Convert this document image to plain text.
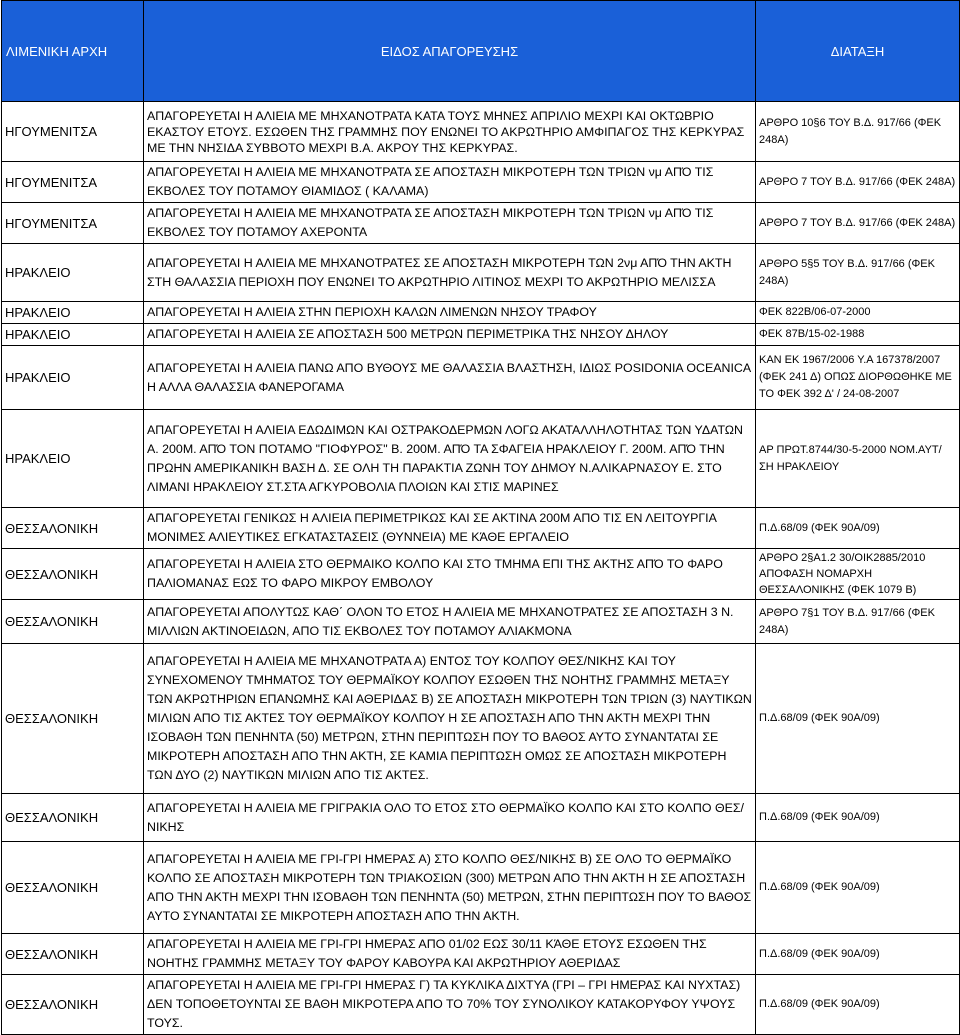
ΛΙΜΕΝΙΚΗ ΑΡΧΗ	ΕΙΔΟΣ ΑΠΑΓΟΡΕΥΣΗΣ	ΔΙΑΤΑΞΗ
ΗΓΟΥΜΕΝΙΤΣΑ	ΑΠΑΓΟΡΕΥΕΤΑΙ Η ΑΛΙΕΙΑ ΜΕ ΜΗΧΑΝΟΤΡΑΤΑ ΚΑΤΑ ΤΟΥΣ ΜΗΝΕΣ ΑΠΡΙΛΙΟ ΜΕΧΡΙ ΚΑΙ ΟΚΤΩΒΡΙΟ ΕΚΑΣΤΟΥ ΕΤΟΥΣ. ΕΣΩΘΕΝ ΤΗΣ ΓΡΑΜΜΗΣ ΠΟΥ ΕΝΩΝΕΙ ΤΟ ΑΚΡΩΤΗΡΙΟ ΑΜΦΙΠΑΓΟΣ ΤΗΣ ΚΕΡΚΥΡΑΣ ΜΕ ΤΗΝ ΝΗΣΙΔΑ ΣΥΒΒΟΤΟ ΜΕΧΡΙ Β.Α. ΑΚΡΟΥ ΤΗΣ ΚΕΡΚΥΡΑΣ.	ΑΡΘΡΟ 10§6 ΤΟΥ Β.Δ. 917/66 (ΦΕΚ 248Α)
ΗΓΟΥΜΕΝΙΤΣΑ	ΑΠΑΓΟΡΕΥΕΤΑΙ Η ΑΛΙΕΙΑ ΜΕ ΜΗΧΑΝΟΤΡΑΤΑ ΣΕ ΑΠΟΣΤΑΣΗ ΜΙΚΡΟΤΕΡΗ ΤΩΝ ΤΡΙΩΝ νμ ΑΠΌ ΤΙΣ ΕΚΒΟΛΕΣ ΤΟΥ ΠΟΤΑΜΟΥ ΘΙΑΜΙΔΟΣ ( ΚΑΛΑΜΑ)	ΑΡΘΡΟ 7 ΤΟΥ Β.Δ. 917/66 (ΦΕΚ 248Α)
ΗΓΟΥΜΕΝΙΤΣΑ	ΑΠΑΓΟΡΕΥΕΤΑΙ Η ΑΛΙΕΙΑ ΜΕ ΜΗΧΑΝΟΤΡΑΤΑ ΣΕ ΑΠΟΣΤΑΣΗ ΜΙΚΡΟΤΕΡΗ ΤΩΝ ΤΡΙΩΝ νμ ΑΠΌ ΤΙΣ ΕΚΒΟΛΕΣ ΤΟΥ ΠΟΤΑΜΟΥ ΑΧΕΡΟΝΤΑ	ΑΡΘΡΟ 7 ΤΟΥ Β.Δ. 917/66 (ΦΕΚ 248Α)
ΗΡΑΚΛΕΙΟ	ΑΠΑΓΟΡΕΥΕΤΑΙ Η ΑΛΙΕΙΑ ΜΕ ΜΗΧΑΝΟΤΡΑΤΕΣ ΣΕ ΑΠΟΣΤΑΣΗ ΜΙΚΡΟΤΕΡΗ ΤΩΝ 2νμ ΑΠΌ ΤΗΝ ΑΚΤΗ ΣΤΗ ΘΑΛΑΣΣΙΑ ΠΕΡΙΟΧΗ ΠΟΥ ΕΝΩΝΕΙ ΤΟ ΑΚΡΩΤΗΡΙΟ ΛΙΤΙΝΟΣ ΜΕΧΡΙ ΤΟ ΑΚΡΩΤΗΡΙΟ ΜΕΛΙΣΣΑ	ΑΡΘΡΟ 5§5 ΤΟΥ Β.Δ. 917/66 (ΦΕΚ 248Α)
ΗΡΑΚΛΕΙΟ	ΑΠΑΓΟΡΕΥΕΤΑΙ Η ΑΛΙΕΙΑ ΣΤΗΝ ΠΕΡΙΟΧΗ ΚΑΛΩΝ ΛΙΜΕΝΩΝ ΝΗΣΟΥ ΤΡΑΦΟΥ	ΦΕΚ 822Β/06-07-2000
ΗΡΑΚΛΕΙΟ	ΑΠΑΓΟΡΕΥΕΤΑΙ Η ΑΛΙΕΙΑ ΣΕ ΑΠΟΣΤΑΣΗ 500 ΜΕΤΡΩΝ ΠΕΡΙΜΕΤΡΙΚΑ ΤΗΣ ΝΗΣΟΥ ΔΗΛΟΥ	ΦΕΚ 87Β/15-02-1988
ΗΡΑΚΛΕΙΟ	ΑΠΑΓΟΡΕΥΕΤΑΙ Η ΑΛΙΕΙΑ ΠΑΝΩ ΑΠΟ ΒΥΘΟΥΣ ΜΕ ΘΑΛΑΣΣΙΑ ΒΛΑΣΤΗΣΗ, ΙΔΙΩΣ POSIDONIA OCEANICA Η ΑΛΛΑ ΘΑΛΑΣΣΙΑ ΦΑΝΕΡΟΓΑΜΑ	ΚΑΝ ΕΚ 1967/2006 Υ.Α 167378/2007 (ΦΕΚ 241 Δ) ΟΠΩΣ ΔΙΟΡΘΩΘΗΚΕ ΜΕ ΤΟ ΦΕΚ 392 Δ' / 24-08-2007
ΗΡΑΚΛΕΙΟ	ΑΠΑΓΟΡΕΥΕΤΑΙ Η ΑΛΙΕΙΑ ΕΔΩΔΙΜΩΝ ΚΑΙ ΟΣΤΡΑΚΟΔΕΡΜΩΝ ΛΟΓΩ ΑΚΑΤΑΛΛΗΛΟΤΗΤΑΣ ΤΩΝ ΥΔΑΤΩΝ Α. 200Μ. ΑΠΌ ΤΟΝ ΠΟΤΑΜΟ "ΓΙΟΦΥΡΟΣ" Β. 200Μ. ΑΠΌ ΤΑ ΣΦΑΓΕΙΑ ΗΡΑΚΛΕΙΟΥ Γ. 200Μ. ΑΠΌ ΤΗΝ ΠΡΩΗΝ ΑΜΕΡΙΚΑΝΙΚΗ ΒΑΣΗ Δ. ΣΕ ΟΛΗ ΤΗ ΠΑΡΑΚΤΙΑ ΖΩΝΗ ΤΟΥ ΔΗΜΟΥ Ν.ΑΛΙΚΑΡΝΑΣΟΥ Ε. ΣΤΟ ΛΙΜΑΝΙ ΗΡΑΚΛΕΙΟΥ ΣΤ.ΣΤΑ ΑΓΚΥΡΟΒΟΛΙΑ ΠΛΟΙΩΝ ΚΑΙ ΣΤΙΣ ΜΑΡΙΝΕΣ	ΑΡ ΠΡΩΤ.8744/30-5-2000 ΝΟΜ.ΑΥΤ/ΣΗ ΗΡΑΚΛΕΙΟΥ
ΘΕΣΣΑΛΟΝΙΚΗ	ΑΠΑΓΟΡΕΥΕΤΑΙ ΓΕΝΙΚΩΣ Η ΑΛΙΕΙΑ ΠΕΡΙΜΕΤΡΙΚΩΣ ΚΑΙ ΣΕ ΑΚΤΙΝΑ 200Μ ΑΠΟ ΤΙΣ ΕΝ ΛΕΙΤΟΥΡΓΙΑ ΜΟΝΙΜΕΣ ΑΛΙΕΥΤΙΚΕΣ ΕΓΚΑΤΑΣΤΑΣΕΙΣ (ΘΥΝΝΕΙΑ) ΜΕ ΚΆΘΕ ΕΡΓΑΛΕΙΟ	Π.Δ.68/09 (ΦΕΚ 90Α/09)
ΘΕΣΣΑΛΟΝΙΚΗ	ΑΠΑΓΟΡΕΥΕΤΑΙ Η ΑΛΙΕΙΑ ΣΤΟ ΘΕΡΜΑΙΚΟ ΚΟΛΠΟ ΚΑΙ ΣΤΟ ΤΜΗΜΑ ΕΠΙ ΤΗΣ ΑΚΤΗΣ ΑΠΌ ΤΟ ΦΑΡΟ ΠΑΛΙΟΜΑΝΑΣ ΕΩΣ ΤΟ ΦΑΡΟ ΜΙΚΡΟΥ ΕΜΒΟΛΟΥ	ΑΡΘΡΟ 2§Α1.2 30/ΟΙΚ2885/2010 ΑΠΟΦΑΣΗ ΝΟΜΑΡΧΗ ΘΕΣΣΑΛΟΝΙΚΗΣ (ΦΕΚ 1079 Β)
ΘΕΣΣΑΛΟΝΙΚΗ	ΑΠΑΓΟΡΕΥΕΤΑΙ ΑΠΟΛΥΤΩΣ ΚΑΘ΄ ΟΛΟΝ ΤΟ ΕΤΟΣ Η ΑΛΙΕΙΑ ΜΕ ΜΗΧΑΝΟΤΡΑΤΕΣ ΣΕ ΑΠΟΣΤΑΣΗ 3 Ν. ΜΙΛΛΙΩΝ ΑΚΤΙΝΟΕΙΔΩΝ, ΑΠΟ ΤΙΣ ΕΚΒΟΛΕΣ ΤΟΥ ΠΟΤΑΜΟΥ ΑΛΙΑΚΜΟΝΑ	ΑΡΘΡΟ 7§1 ΤΟΥ Β.Δ. 917/66 (ΦΕΚ 248Α)
ΘΕΣΣΑΛΟΝΙΚΗ	ΑΠΑΓΟΡΕΥΕΤΑΙ Η ΑΛΙΕΙΑ ΜΕ ΜΗΧΑΝΟΤΡΑΤΑ Α) ΕΝΤΟΣ ΤΟΥ ΚΟΛΠΟΥ ΘΕΣ/ΝΙΚΗΣ ΚΑΙ ΤΟΥ ΣΥΝΕΧΟΜΕΝΟΥ ΤΜΗΜΑΤΟΣ ΤΟΥ ΘΕΡΜΑΪΚΟΥ ΚΟΛΠΟΥ ΕΣΩΘΕΝ ΤΗΣ ΝΟΗΤΗΣ ΓΡΑΜΜΗΣ ΜΕΤΑΞΥ ΤΩΝ ΑΚΡΩΤΗΡΙΩΝ ΕΠΑΝΩΜΗΣ ΚΑΙ ΑΘΕΡΙΔΑΣ Β) ΣΕ ΑΠΟΣΤΑΣΗ ΜΙΚΡΟΤΕΡΗ ΤΩΝ ΤΡΙΩΝ (3) ΝΑΥΤΙΚΩΝ ΜΙΛΙΩΝ ΑΠΟ ΤΙΣ ΑΚΤΕΣ ΤΟΥ ΘΕΡΜΑΪΚΟΥ ΚΟΛΠΟΥ Η ΣΕ ΑΠΟΣΤΑΣΗ ΑΠΟ ΤΗΝ ΑΚΤΗ ΜΕΧΡΙ ΤΗΝ ΙΣΟΒΑΘΗ ΤΩΝ ΠΕΝΗΝΤΑ (50) ΜΕΤΡΩΝ, ΣΤΗΝ ΠΕΡΙΠΤΩΣΗ ΠΟΥ ΤΟ ΒΑΘΟΣ ΑΥΤΟ ΣΥΝΑΝΤΑΤΑΙ ΣΕ ΜΙΚΡΟΤΕΡΗ ΑΠΟΣΤΑΣΗ ΑΠΟ ΤΗΝ ΑΚΤΗ, ΣΕ ΚΑΜΙΑ ΠΕΡΙΠΤΩΣΗ ΟΜΩΣ ΣΕ ΑΠΟΣΤΑΣΗ ΜΙΚΡΟΤΕΡΗ ΤΩΝ ΔΥΟ (2) ΝΑΥΤΙΚΩΝ ΜΙΛΙΩΝ ΑΠΟ ΤΙΣ ΑΚΤΕΣ.	Π.Δ.68/09 (ΦΕΚ 90Α/09)
ΘΕΣΣΑΛΟΝΙΚΗ	ΑΠΑΓΟΡΕΥΕΤΑΙ Η ΑΛΙΕΙΑ ΜΕ ΓΡΙΓΡΑΚΙΑ ΟΛΟ ΤΟ ΕΤΟΣ ΣΤΟ ΘΕΡΜΑΪΚΟ ΚΟΛΠΟ ΚΑΙ ΣΤΟ ΚΟΛΠΟ ΘΕΣ/ΝΙΚΗΣ	Π.Δ.68/09 (ΦΕΚ 90Α/09)
ΘΕΣΣΑΛΟΝΙΚΗ	ΑΠΑΓΟΡΕΥΕΤΑΙ Η ΑΛΙΕΙΑ ΜΕ ΓΡΙ-ΓΡΙ ΗΜΕΡΑΣ Α) ΣΤΟ ΚΟΛΠΟ ΘΕΣ/ΝΙΚΗΣ Β) ΣΕ ΟΛΟ ΤΟ ΘΕΡΜΑΪΚΟ ΚΟΛΠΟ ΣΕ ΑΠΟΣΤΑΣΗ ΜΙΚΡΟΤΕΡΗ ΤΩΝ ΤΡΙΑΚΟΣΙΩΝ (300) ΜΕΤΡΩΝ ΑΠΟ ΤΗΝ ΑΚΤΗ Η ΣΕ ΑΠΟΣΤΑΣΗ ΑΠΟ ΤΗΝ ΑΚΤΗ ΜΕΧΡΙ ΤΗΝ ΙΣΟΒΑΘΗ ΤΩΝ ΠΕΝΗΝΤΑ (50) ΜΕΤΡΩΝ, ΣΤΗΝ ΠΕΡΙΠΤΩΣΗ ΠΟΥ ΤΟ ΒΑΘΟΣ ΑΥΤΟ ΣΥΝΑΝΤΑΤΑΙ ΣΕ ΜΙΚΡΟΤΕΡΗ ΑΠΟΣΤΑΣΗ ΑΠΟ ΤΗΝ ΑΚΤΗ.	Π.Δ.68/09 (ΦΕΚ 90Α/09)
ΘΕΣΣΑΛΟΝΙΚΗ	ΑΠΑΓΟΡΕΥΕΤΑΙ Η ΑΛΙΕΙΑ ΜΕ ΓΡΙ-ΓΡΙ ΗΜΕΡΑΣ ΑΠΟ 01/02 ΕΩΣ 30/11 ΚΆΘΕ ΕΤΟΥΣ ΕΣΩΘΕΝ ΤΗΣ ΝΟΗΤΗΣ ΓΡΑΜΜΗΣ ΜΕΤΑΞΥ ΤΟΥ ΦΑΡΟΥ ΚΑΒΟΥΡΑ ΚΑΙ ΑΚΡΩΤΗΡΙΟΥ ΑΘΕΡΙΔΑΣ	Π.Δ.68/09 (ΦΕΚ 90Α/09)
ΘΕΣΣΑΛΟΝΙΚΗ	ΑΠΑΓΟΡΕΥΕΤΑΙ Η ΑΛΙΕΙΑ ΜΕ ΓΡΙ-ΓΡΙ ΗΜΕΡΑΣ Γ) ΤΑ ΚΥΚΛΙΚΑ ΔΙΧΤΥΑ (ΓΡΙ – ΓΡΙ ΗΜΕΡΑΣ ΚΑΙ ΝΥΧΤΑΣ) ΔΕΝ ΤΟΠΟΘΕΤΟΥΝΤΑΙ ΣΕ ΒΑΘΗ ΜΙΚΡΟΤΕΡΑ ΑΠΟ ΤΟ 70% ΤΟΥ ΣΥΝΟΛΙΚΟΥ ΚΑΤΑΚΟΡΥΦΟΥ ΥΨΟΥΣ ΤΟΥΣ.	Π.Δ.68/09 (ΦΕΚ 90Α/09)
